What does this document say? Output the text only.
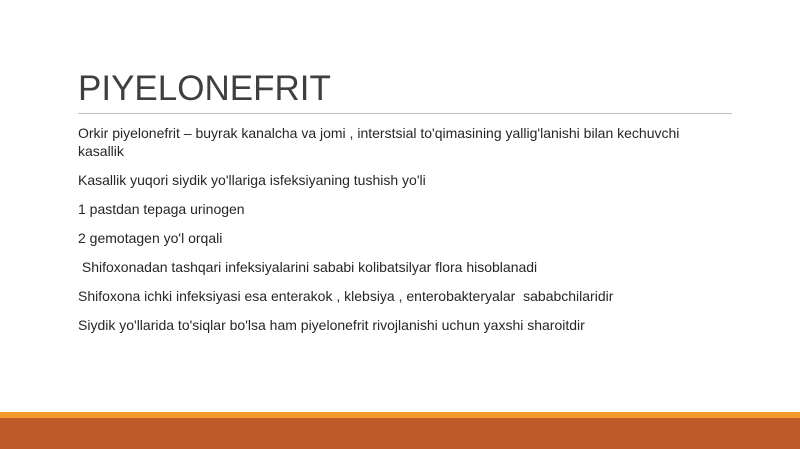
PIYELONEFRIT
Orkir piyelonefrit – buyrak kanalcha va jomi , interstsial to'qimasining yallig'lanishi bilan kechuvchi kasallik
Kasallik yuqori siydik yo'llariga isfeksiyaning tushish yo'li
1 pastdan tepaga urinogen
2 gemotagen yo'l orqali
Shifoxonadan tashqari infeksiyalarini sababi kolibatsilyar flora hisoblanadi
Shifoxona ichki infeksiyasi esa enterakok , klebsiya , enterobakteryalar  sababchilaridir
Siydik yo'llarida to'siqlar bo'lsa ham piyelonefrit rivojlanishi uchun yaxshi sharoitdir
